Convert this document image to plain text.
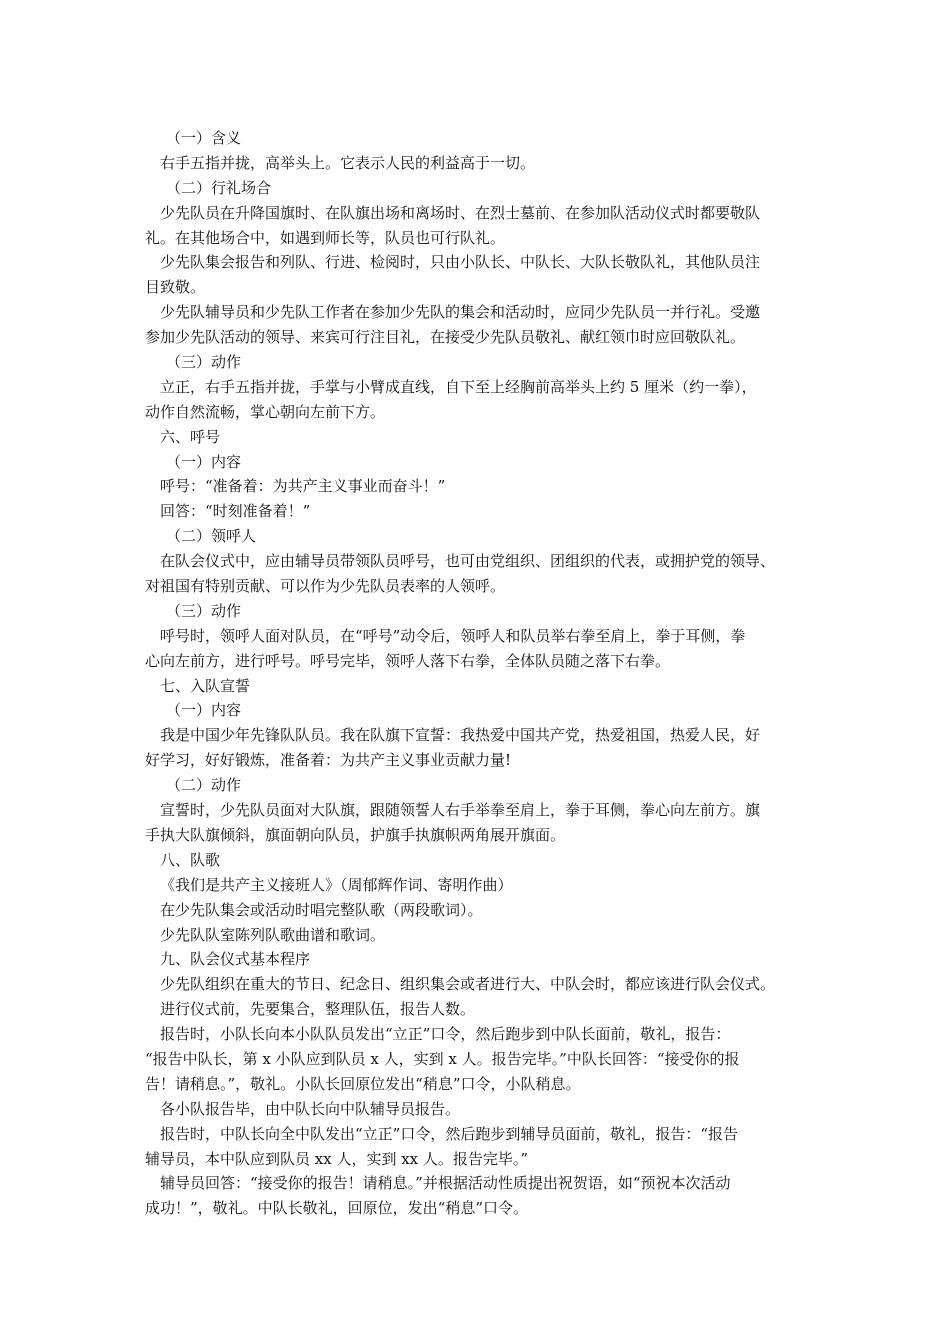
（一）含义
右手五指并拢，高举头上。它表示人民的利益高于一切。
（二）行礼场合
少先队员在升降国旗时、在队旗出场和离场时、在烈士墓前、在参加队活动仪式时都要敬队
礼。在其他场合中，如遇到师长等，队员也可行队礼。
少先队集会报告和列队、行进、检阅时，只由小队长、中队长、大队长敬队礼，其他队员注
目致敬。
少先队辅导员和少先队工作者在参加少先队的集会和活动时，应同少先队员一并行礼。受邀
参加少先队活动的领导、来宾可行注目礼，在接受少先队员敬礼、献红领巾时应回敬队礼。
（三）动作
立正，右手五指并拢，手掌与小臂成直线，自下至上经胸前高举头上约 5 厘米（约一拳），
动作自然流畅，掌心朝向左前下方。
六、呼号
（一）内容
呼号：“准备着：为共产主义事业而奋斗！”
回答：“时刻准备着！”
（二）领呼人
在队会仪式中，应由辅导员带领队员呼号，也可由党组织、团组织的代表，或拥护党的领导、
对祖国有特别贡献、可以作为少先队员表率的人领呼。
（三）动作
呼号时，领呼人面对队员，在“呼号”动令后，领呼人和队员举右拳至肩上，拳于耳侧，拳
心向左前方，进行呼号。呼号完毕，领呼人落下右拳，全体队员随之落下右拳。
七、入队宣誓
（一）内容
我是中国少年先锋队队员。我在队旗下宣誓：我热爱中国共产党，热爱祖国，热爱人民，好
好学习，好好锻炼，准备着：为共产主义事业贡献力量!
（二）动作
宣誓时，少先队员面对大队旗，跟随领誓人右手举拳至肩上，拳于耳侧，拳心向左前方。旗
手执大队旗倾斜，旗面朝向队员，护旗手执旗帜两角展开旗面。
八、队歌
《我们是共产主义接班人》（周郁辉作词、寄明作曲）
在少先队集会或活动时唱完整队歌（两段歌词）。
少先队队室陈列队歌曲谱和歌词。
九、队会仪式基本程序
少先队组织在重大的节日、纪念日、组织集会或者进行大、中队会时，都应该进行队会仪式。
进行仪式前，先要集合，整理队伍，报告人数。
报告时，小队长向本小队队员发出“立正”口令，然后跑步到中队长面前，敬礼，报告：
“报告中队长，第 x 小队应到队员 x 人，实到 x 人。报告完毕。”中队长回答：“接受你的报
告！请稍息。”，敬礼。小队长回原位发出“稍息”口令，小队稍息。
各小队报告毕，由中队长向中队辅导员报告。
报告时，中队长向全中队发出“立正”口令，然后跑步到辅导员面前，敬礼，报告：“报告
辅导员，本中队应到队员 xx 人，实到 xx 人。报告完毕。”
辅导员回答：“接受你的报告！请稍息。”并根据活动性质提出祝贺语，如“预祝本次活动
成功！”，敬礼。中队长敬礼，回原位，发出“稍息”口令。
